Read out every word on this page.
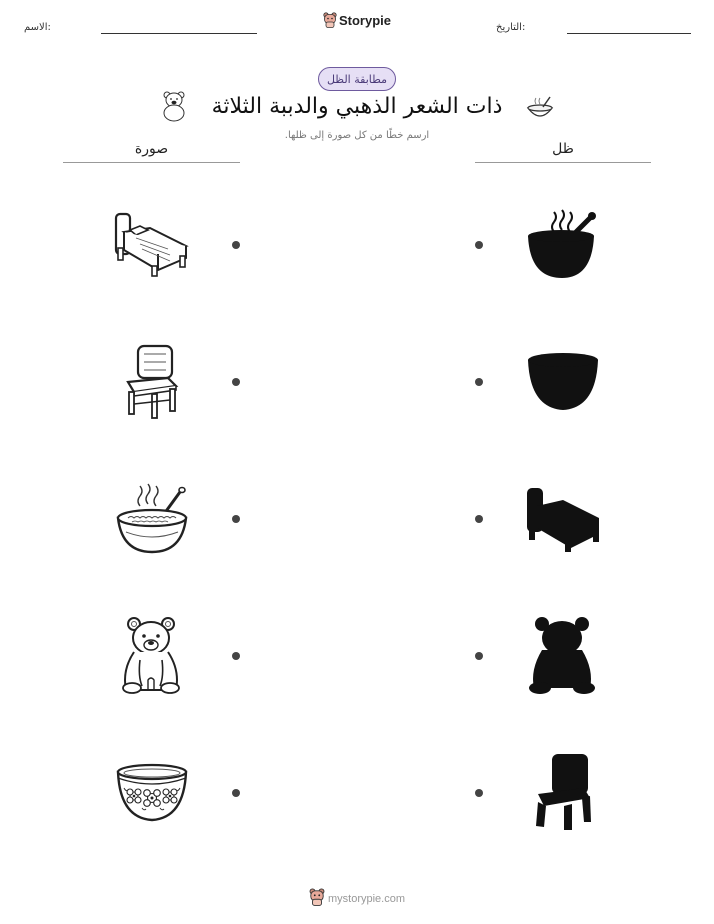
الاسم:	التاريخ:
Storypie
مطابقة الظل
ذات الشعر الذهبي والدببة الثلاثة
ارسم خطًا من كل صورة إلى ظلها.
صورة	ظل
mystorypie.com
